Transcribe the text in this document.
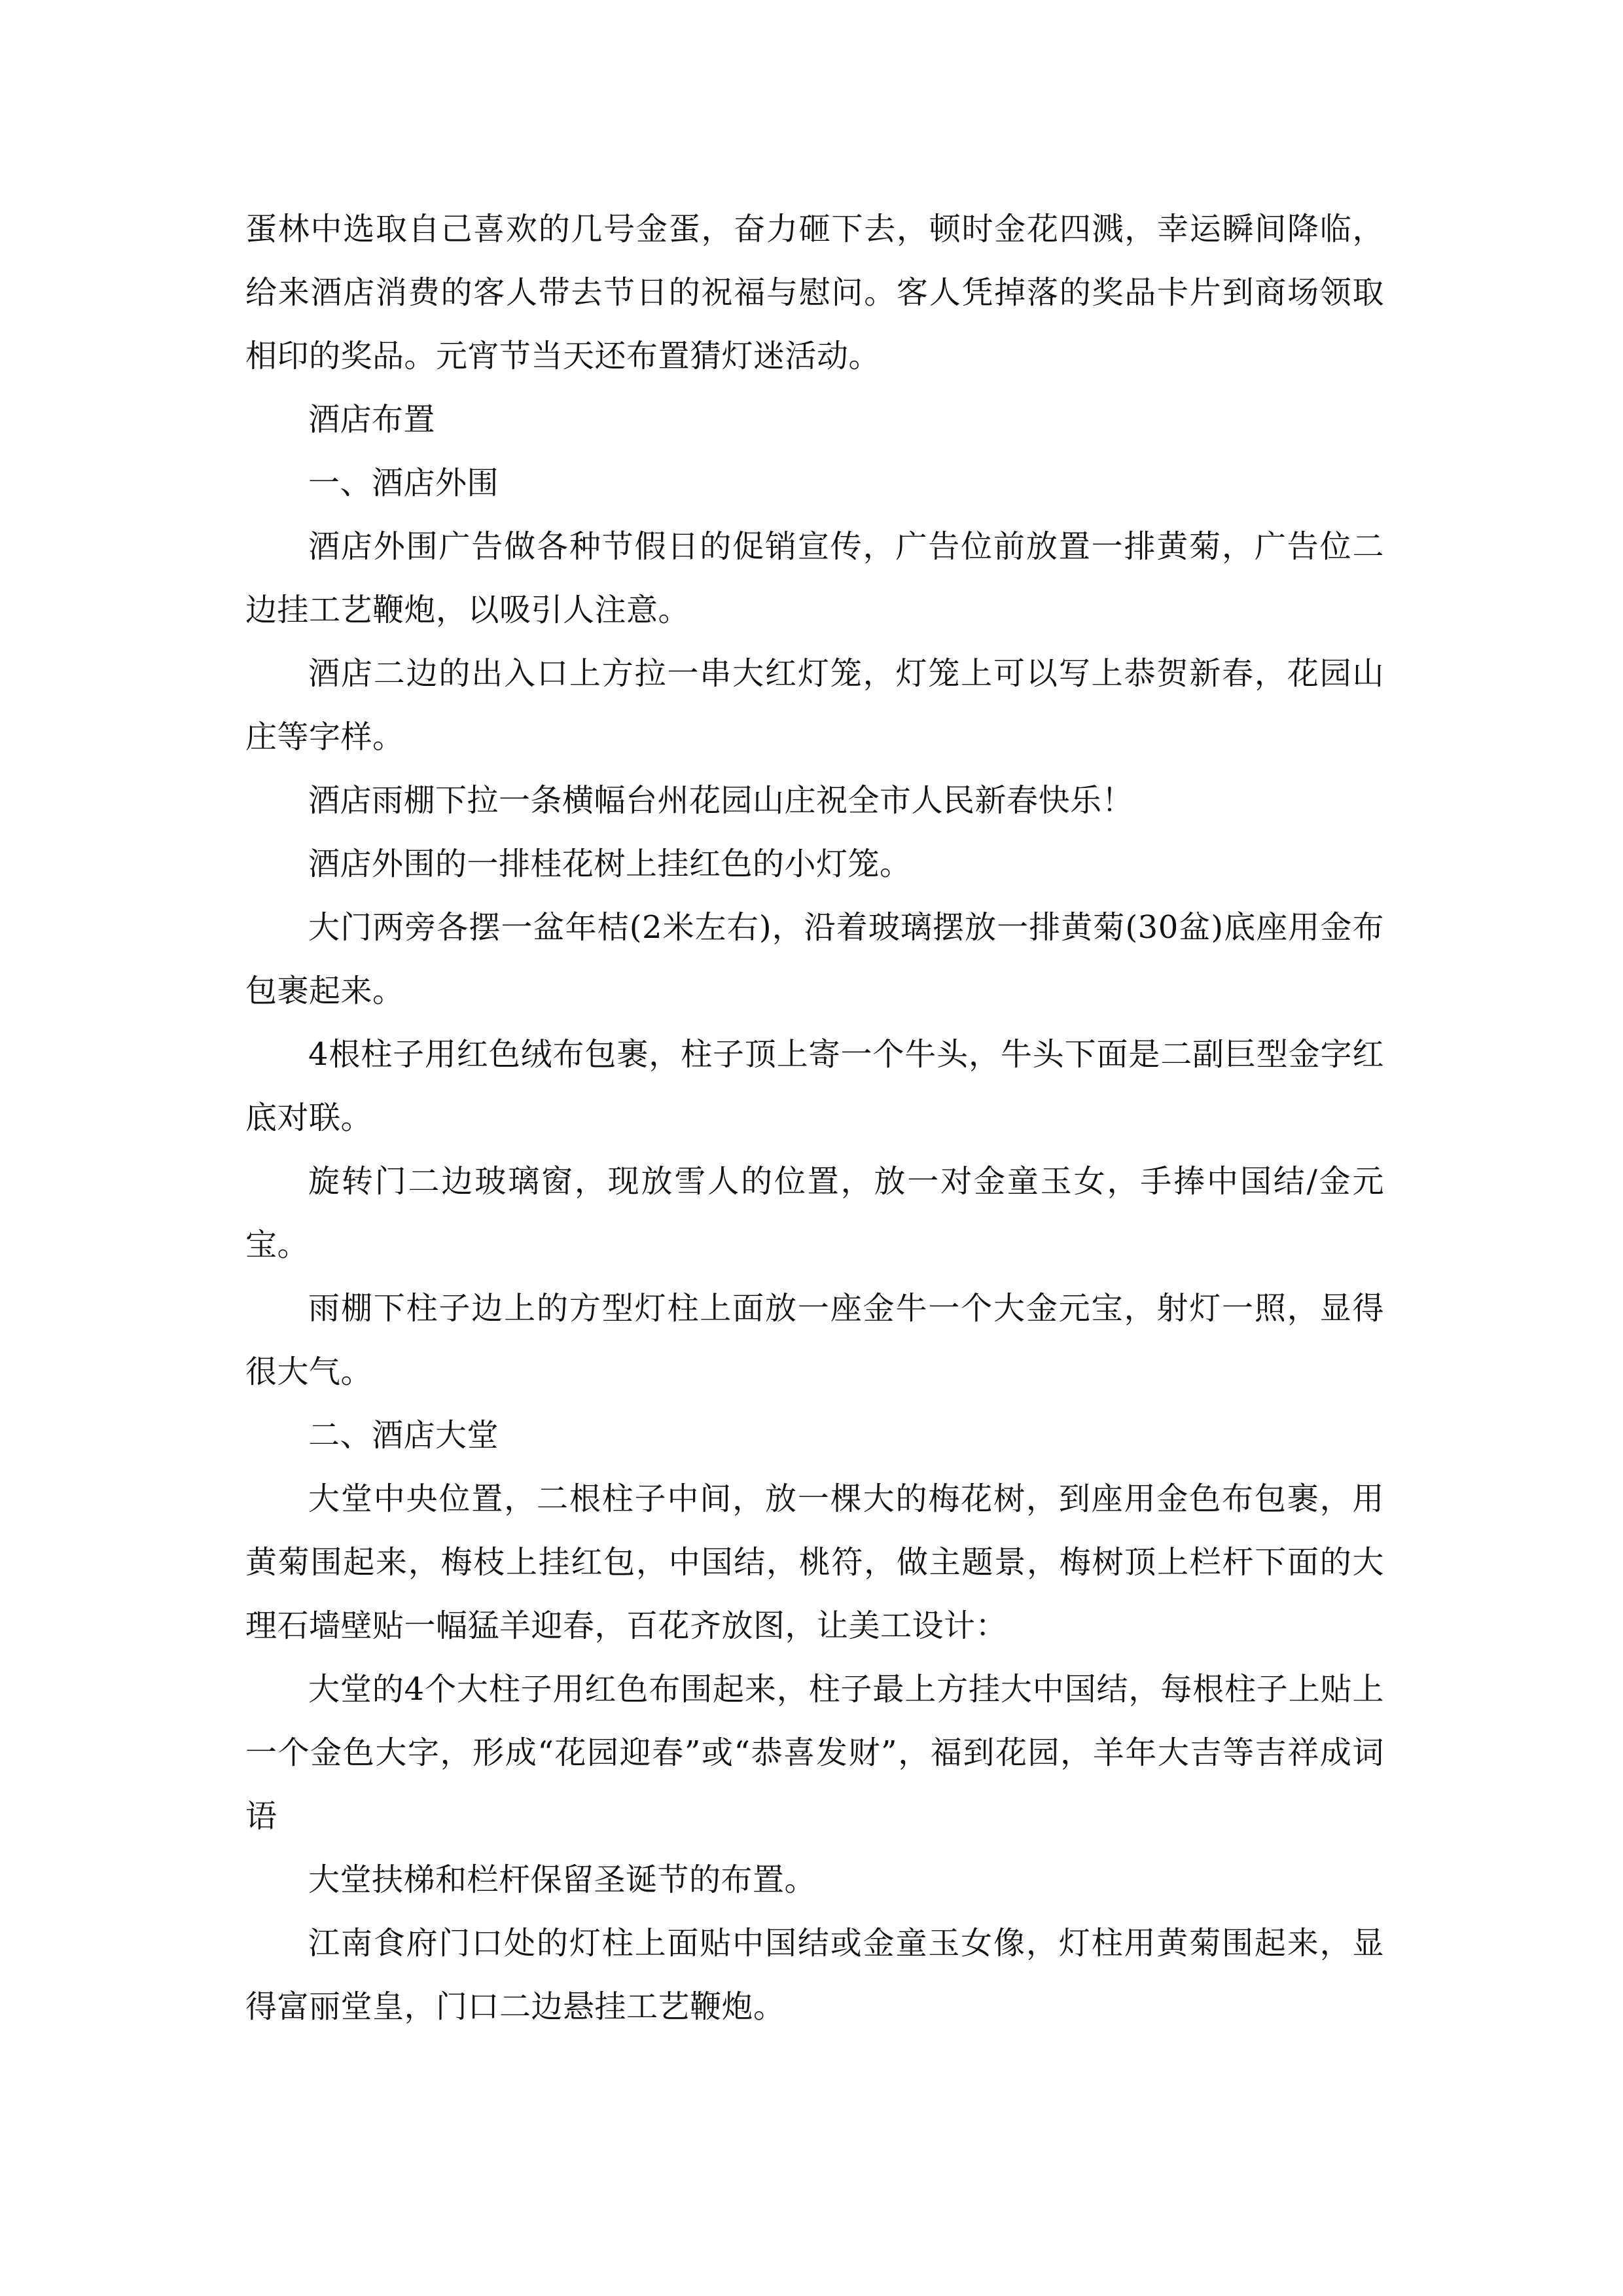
蛋林中选取自己喜欢的几号金蛋，奋力砸下去，顿时金花四溅，幸运瞬间降临，给来酒店消费的客人带去节日的祝福与慰问。客人凭掉落的奖品卡片到商场领取相印的奖品。元宵节当天还布置猜灯迷活动。

酒店布置

一、酒店外围

酒店外围广告做各种节假日的促销宣传，广告位前放置一排黄菊，广告位二边挂工艺鞭炮，以吸引人注意。

酒店二边的出入口上方拉一串大红灯笼，灯笼上可以写上恭贺新春，花园山庄等字样。

酒店雨棚下拉一条横幅台州花园山庄祝全市人民新春快乐！

酒店外围的一排桂花树上挂红色的小灯笼。

大门两旁各摆一盆年桔(2米左右)，沿着玻璃摆放一排黄菊(30盆)底座用金布包裹起来。

4根柱子用红色绒布包裹，柱子顶上寄一个牛头，牛头下面是二副巨型金字红底对联。

旋转门二边玻璃窗，现放雪人的位置，放一对金童玉女，手捧中国结/金元宝。

雨棚下柱子边上的方型灯柱上面放一座金牛一个大金元宝，射灯一照，显得很大气。

二、酒店大堂

大堂中央位置，二根柱子中间，放一棵大的梅花树，到座用金色布包裹，用黄菊围起来，梅枝上挂红包，中国结，桃符，做主题景，梅树顶上栏杆下面的大理石墙壁贴一幅猛羊迎春，百花齐放图，让美工设计：

大堂的4个大柱子用红色布围起来，柱子最上方挂大中国结，每根柱子上贴上一个金色大字，形成“花园迎春”或“恭喜发财”，福到花园，羊年大吉等吉祥成词语

大堂扶梯和栏杆保留圣诞节的布置。

江南食府门口处的灯柱上面贴中国结或金童玉女像，灯柱用黄菊围起来，显得富丽堂皇，门口二边悬挂工艺鞭炮。
